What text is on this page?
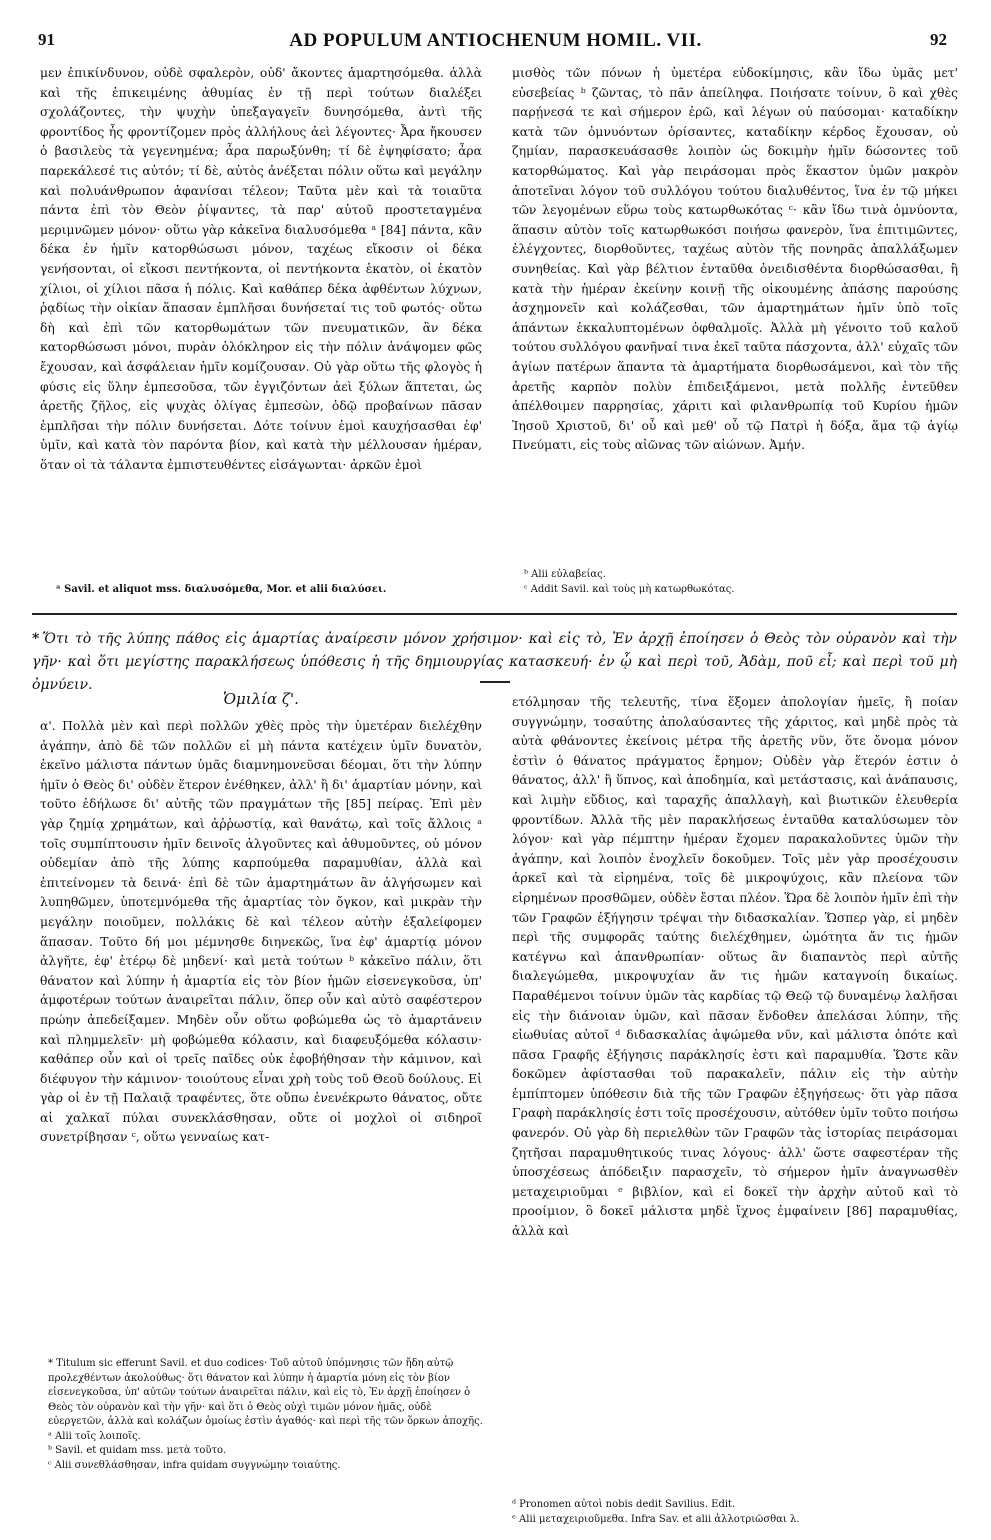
91	AD POPULUM ANTIOCHENUM HOMIL. VII.	92

μεν ἐπικίνδυνον, οὐδὲ σφαλερὸν, οὐδ' ἄκοντες ἁμαρτησόμεθα. ἀλλὰ καὶ τῆς ἐπικειμένης ἀθυμίας ἐν τῇ περὶ τούτων διαλέξει σχολάζοντες, τὴν ψυχὴν ὑπεξαγαγεῖν δυνησόμεθα, ἀντὶ τῆς φροντίδος ἧς φροντίζομεν πρὸς ἀλλήλους ἀεὶ λέγοντες· Ἆρα ἤκουσεν ὁ βασιλεὺς τὰ γεγενημένα; ἆρα παρωξύνθη; τί δὲ ἐψηφίσατο; ἆρα παρεκάλεσέ τις αὐτόν; τί δὲ, αὐτὸς ἀνέξεται πόλιν οὕτω καὶ μεγάλην καὶ πολυάνθρωπον ἀφανίσαι τέλεον; Ταῦτα μὲν καὶ τὰ τοιαῦτα πάντα ἐπὶ τὸν Θεὸν ῥίψαντες, τὰ παρ' αὐτοῦ προστεταγμένα μεριμνῶμεν μόνον· οὕτω γὰρ κἀκεῖνα διαλυσόμεθα ᵃ [84] πάντα, κἂν δέκα ἐν ἡμῖν κατορθώσωσι μόνον, ταχέως εἴκοσιν οἱ δέκα γενήσονται, οἱ εἴκοσι πεντήκοντα, οἱ πεντήκοντα ἑκατὸν, οἱ ἑκατὸν χίλιοι, οἱ χίλιοι πᾶσα ἡ πόλις. Καὶ καθάπερ δέκα ἀφθέντων λύχνων, ῥᾳδίως τὴν οἰκίαν ἅπασαν ἐμπλῆσαι δυνήσεταί τις τοῦ φωτός· οὕτω δὴ καὶ ἐπὶ τῶν κατορθωμάτων τῶν πνευματικῶν, ἂν δέκα κατορθώσωσι μόνοι, πυρὰν ὁλόκληρον εἰς τὴν πόλιν ἀνάψομεν φῶς ἔχουσαν, καὶ ἀσφάλειαν ἡμῖν κομίζουσαν. Οὐ γὰρ οὕτω τῆς φλογὸς ἡ φύσις εἰς ὕλην ἐμπεσοῦσα, τῶν ἐγγιζόντων ἀεὶ ξύλων ἅπτεται, ὡς ἀρετῆς ζῆλος, εἰς ψυχὰς ὀλίγας ἐμπεσὼν, ὁδῷ προβαίνων πᾶσαν ἐμπλῆσαι τὴν πόλιν δυνήσεται. Δότε τοίνυν ἐμοὶ καυχήσασθαι ἐφ' ὑμῖν, καὶ κατὰ τὸν παρόντα βίον, καὶ κατὰ τὴν μέλλουσαν ἡμέραν, ὅταν οἱ τὰ τάλαντα ἐμπιστευθέντες εἰσάγωνται· ἀρκῶν ἐμοὶ

ᵃ Savil. et aliquot mss. διαλυσόμεθα, Mor. et alii διαλύσει.

μισθὸς τῶν πόνων ἡ ὑμετέρα εὐδοκίμησις, κἂν ἴδω ὑμᾶς μετ' εὐσεβείας ᵇ ζῶντας, τὸ πᾶν ἀπείληφα. Ποιήσατε τοίνυν, ὃ καὶ χθὲς παρῄνεσά τε καὶ σήμερον ἐρῶ, καὶ λέγων οὐ παύσομαι· καταδίκην κατὰ τῶν ὀμνυόντων ὁρίσαντες, καταδίκην κέρδος ἔχουσαν, οὐ ζημίαν, παρασκευάσασθε λοιπὸν ὡς δοκιμὴν ἡμῖν δώσοντες τοῦ κατορθώματος. Καὶ γὰρ πειράσομαι πρὸς ἕκαστον ὑμῶν μακρὸν ἀποτεῖναι λόγον τοῦ συλλόγου τούτου διαλυθέντος, ἵνα ἐν τῷ μήκει τῶν λεγομένων εὕρω τοὺς κατωρθωκότας ᶜ· κἂν ἴδω τινὰ ὀμνύοντα, ἅπασιν αὐτὸν τοῖς κατωρθωκόσι ποιήσω φανερὸν, ἵνα ἐπιτιμῶντες, ἐλέγχοντες, διορθοῦντες, ταχέως αὐτὸν τῆς πονηρᾶς ἀπαλλάξωμεν συνηθείας. Καὶ γὰρ βέλτιον ἐνταῦθα ὀνειδισθέντα διορθώσασθαι, ἢ κατὰ τὴν ἡμέραν ἐκείνην κοινῇ τῆς οἰκουμένης ἁπάσης παρούσης ἀσχημονεῖν καὶ κολάζεσθαι, τῶν ἁμαρτημάτων ἡμῖν ὑπὸ τοῖς ἁπάντων ἐκκαλυπτομένων ὀφθαλμοῖς. Ἀλλὰ μὴ γένοιτο τοῦ καλοῦ τούτου συλλόγου φανῆναί τινα ἐκεῖ ταῦτα πάσχοντα, ἀλλ' εὐχαῖς τῶν ἁγίων πατέρων ἅπαντα τὰ ἁμαρτήματα διορθωσάμενοι, καὶ τὸν τῆς ἀρετῆς καρπὸν πολὺν ἐπιδειξάμενοι, μετὰ πολλῆς ἐντεῦθεν ἀπέλθοιμεν παρρησίας, χάριτι καὶ φιλανθρωπίᾳ τοῦ Κυρίου ἡμῶν Ἰησοῦ Χριστοῦ, δι' οὗ καὶ μεθ' οὗ τῷ Πατρὶ ἡ δόξα, ἅμα τῷ ἁγίῳ Πνεύματι, εἰς τοὺς αἰῶνας τῶν αἰώνων. Ἀμήν.

ᵇ Alii εὐλαβείας.

ᶜ Addit Savil. καὶ τοὺς μὴ κατωρθωκότας.

* Ὅτι τὸ τῆς λύπης πάθος εἰς ἁμαρτίας ἀναίρεσιν μόνον χρήσιμον· καὶ εἰς τὸ, Ἐν ἀρχῇ ἐποίησεν ὁ Θεὸς τὸν οὐρανὸν καὶ τὴν γῆν· καὶ ὅτι μεγίστης παρακλήσεως ὑπόθεσις ἡ τῆς δημιουργίας κατασκευή· ἐν ᾧ καὶ περὶ τοῦ, Ἀδὰμ, ποῦ εἶ; καὶ περὶ τοῦ μὴ ὀμνύειν.
Ὁμιλία ζ'.

α'. Πολλὰ μὲν καὶ περὶ πολλῶν χθὲς πρὸς τὴν ὑμετέραν διελέχθην ἀγάπην, ἀπὸ δὲ τῶν πολλῶν εἰ μὴ πάντα κατέχειν ὑμῖν δυνατὸν, ἐκεῖνο μάλιστα πάντων ὑμᾶς διαμνημονεῦσαι δέομαι, ὅτι τὴν λύπην ἡμῖν ὁ Θεὸς δι' οὐδὲν ἕτερον ἐνέθηκεν, ἀλλ' ἢ δι' ἁμαρτίαν μόνην, καὶ τοῦτο ἐδήλωσε δι' αὐτῆς τῶν πραγμάτων τῆς [85] πείρας. Ἐπὶ μὲν γὰρ ζημίᾳ χρημάτων, καὶ ἀῤῥωστίᾳ, καὶ θανάτῳ, καὶ τοῖς ἄλλοις ᵃ τοῖς συμπίπτουσιν ἡμῖν δεινοῖς ἀλγοῦντες καὶ ἀθυμοῦντες, οὐ μόνον οὐδεμίαν ἀπὸ τῆς λύπης καρπούμεθα παραμυθίαν, ἀλλὰ καὶ ἐπιτείνομεν τὰ δεινά· ἐπὶ δὲ τῶν ἁμαρτημάτων ἂν ἀλγήσωμεν καὶ λυπηθῶμεν, ὑποτεμνόμεθα τῆς ἁμαρτίας τὸν ὄγκον, καὶ μικρὰν τὴν μεγάλην ποιοῦμεν, πολλάκις δὲ καὶ τέλεον αὐτὴν ἐξαλείφομεν ἅπασαν. Τοῦτο δή μοι μέμνησθε διηνεκῶς, ἵνα ἐφ' ἁμαρτίᾳ μόνον ἀλγῆτε, ἐφ' ἑτέρῳ δὲ μηδενί· καὶ μετὰ τούτων ᵇ κἀκεῖνο πάλιν, ὅτι θάνατον καὶ λύπην ἡ ἁμαρτία εἰς τὸν βίον ἡμῶν εἰσενεγκοῦσα, ὑπ' ἀμφοτέρων τούτων ἀναιρεῖται πάλιν, ὅπερ οὖν καὶ αὐτὸ σαφέστερον πρώην ἀπεδείξαμεν. Μηδὲν οὖν οὕτω φοβώμεθα ὡς τὸ ἁμαρτάνειν καὶ πλημμελεῖν· μὴ φοβώμεθα κόλασιν, καὶ διαφευξόμεθα κόλασιν· καθάπερ οὖν καὶ οἱ τρεῖς παῖδες οὐκ ἐφοβήθησαν τὴν κάμινον, καὶ διέφυγον τὴν κάμινον· τοιούτους εἶναι χρὴ τοὺς τοῦ Θεοῦ δούλους. Εἰ γὰρ οἱ ἐν τῇ Παλαιᾷ τραφέντες, ὅτε οὔπω ἐνενέκρωτο θάνατος, οὔτε αἱ χαλκαῖ πύλαι συνεκλάσθησαν, οὔτε οἱ μοχλοὶ οἱ σιδηροῖ συνετρίβησαν ᶜ, οὕτω γενναίως κατ-

* Titulum sic efferunt Savil. et duo codices· Τοῦ αὐτοῦ ὑπόμνησις τῶν ἤδη αὐτῷ προλεχθέντων ἀκολούθως· ὅτι θάνατον καὶ λύπην ἡ ἁμαρτία μόνη εἰς τὸν βίον εἰσενεγκοῦσα, ὑπ' αὐτῶν τούτων ἀναιρεῖται πάλιν, καὶ εἰς τὸ, Ἐν ἀρχῇ ἐποίησεν ὁ Θεὸς τὸν οὐρανὸν καὶ τὴν γῆν· καὶ ὅτι ὁ Θεὸς οὐχὶ τιμῶν μόνον ἡμᾶς, οὐδὲ εὐεργετῶν, ἀλλὰ καὶ κολάζων ὁμοίως ἐστὶν ἀγαθός· καὶ περὶ τῆς τῶν ὅρκων ἀποχῆς.

ᵃ Alii τοῖς λοιποῖς.

ᵇ Savil. et quidam mss. μετὰ τοῦτο.

ᶜ Alii συνεθλάσθησαν, infra quidam συγγνώμην τοιαύτης.

ετόλμησαν τῆς τελευτῆς, τίνα ἕξομεν ἀπολογίαν ἡμεῖς, ἢ ποίαν συγγνώμην, τοσαύτης ἀπολαύσαντες τῆς χάριτος, καὶ μηδὲ πρὸς τὰ αὐτὰ φθάνοντες ἐκείνοις μέτρα τῆς ἀρετῆς νῦν, ὅτε ὄνομα μόνον ἐστὶν ὁ θάνατος πράγματος ἔρημον; Οὐδὲν γὰρ ἕτερόν ἐστιν ὁ θάνατος, ἀλλ' ἢ ὕπνος, καὶ ἀποδημία, καὶ μετάστασις, καὶ ἀνάπαυσις, καὶ λιμὴν εὔδιος, καὶ ταραχῆς ἀπαλλαγὴ, καὶ βιωτικῶν ἐλευθερία φροντίδων. Ἀλλὰ τῆς μὲν παρακλήσεως ἐνταῦθα καταλύσωμεν τὸν λόγον· καὶ γὰρ πέμπτην ἡμέραν ἔχομεν παρακαλοῦντες ὑμῶν τὴν ἀγάπην, καὶ λοιπὸν ἐνοχλεῖν δοκοῦμεν. Τοῖς μὲν γὰρ προσέχουσιν ἀρκεῖ καὶ τὰ εἰρημένα, τοῖς δὲ μικροψύχοις, κἂν πλείονα τῶν εἰρημένων προσθῶμεν, οὐδὲν ἔσται πλέον. Ὥρα δὲ λοιπὸν ἡμῖν ἐπὶ τὴν τῶν Γραφῶν ἐξήγησιν τρέψαι τὴν διδασκαλίαν. Ὥσπερ γὰρ, εἰ μηδὲν περὶ τῆς συμφορᾶς ταύτης διελέχθημεν, ὠμότητα ἄν τις ἡμῶν κατέγνω καὶ ἀπανθρωπίαν· οὕτως ἂν διαπαντὸς περὶ αὐτῆς διαλεγώμεθα, μικροψυχίαν ἄν τις ἡμῶν καταγνοίη δικαίως. Παραθέμενοι τοίνυν ὑμῶν τὰς καρδίας τῷ Θεῷ τῷ δυναμένῳ λαλῆσαι εἰς τὴν διάνοιαν ὑμῶν, καὶ πᾶσαν ἔνδοθεν ἀπελάσαι λύπην, τῆς εἰωθυίας αὐτοῖ ᵈ διδασκαλίας ἀψώμεθα νῦν, καὶ μάλιστα ὁπότε καὶ πᾶσα Γραφῆς ἐξήγησις παράκλησίς ἐστι καὶ παραμυθία. Ὥστε κἂν δοκῶμεν ἀφίστασθαι τοῦ παρακαλεῖν, πάλιν εἰς τὴν αὐτὴν ἐμπίπτομεν ὑπόθεσιν διὰ τῆς τῶν Γραφῶν ἐξηγήσεως· ὅτι γὰρ πᾶσα Γραφὴ παράκλησίς ἐστι τοῖς προσέχουσιν, αὐτόθεν ὑμῖν τοῦτο ποιήσω φανερόν. Οὐ γὰρ δὴ περιελθὼν τῶν Γραφῶν τὰς ἱστορίας πειράσομαι ζητῆσαι παραμυθητικούς τινας λόγους· ἀλλ' ὥστε σαφεστέραν τῆς ὑποσχέσεως ἀπόδειξιν παρασχεῖν, τὸ σήμερον ἡμῖν ἀναγνωσθὲν μεταχειριοῦμαι ᵉ βιβλίον, καὶ εἰ δοκεῖ τὴν ἀρχὴν αὐτοῦ καὶ τὸ προοίμιον, ὃ δοκεῖ μάλιστα μηδὲ ἴχνος ἐμφαίνειν [86] παραμυθίας, ἀλλὰ καὶ

ᵈ Pronomen αὐτοὶ nobis dedit Savilius. Edit.

ᵉ Alii μεταχειριοῦμεθα. Infra Sav. et alii ἀλλοτριῶσθαι λ.
